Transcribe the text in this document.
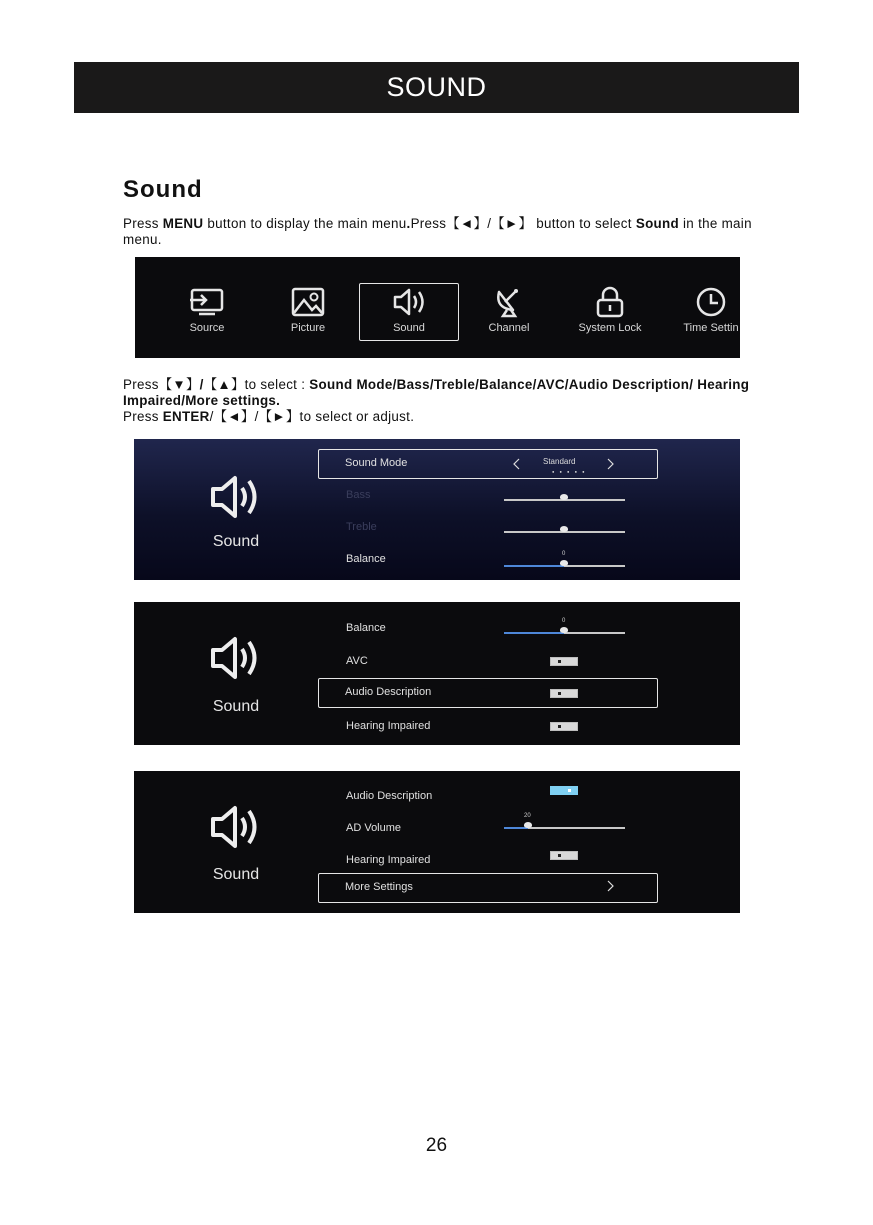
SOUND
Sound

Press MENU button to display the main menu.Press【◄】/【►】 button to select Sound in the main menu.

Source	Picture	Sound	Channel	System Lock	Time Settin

Press【▼】/【▲】to select : Sound Mode/Bass/Treble/Balance/AVC/Audio Description/ Hearing Impaired/More settings.
Press ENTER/【◄】/【►】to select or adjust.

Sound
Sound Mode	Standard
● ● ● ● ●
Bass
Treble
Balance	0
Sound
Balance
0
AVC
Audio Description
Hearing Impaired
Sound
Audio Description
AD Volume
20
Hearing Impaired
More Settings
26
